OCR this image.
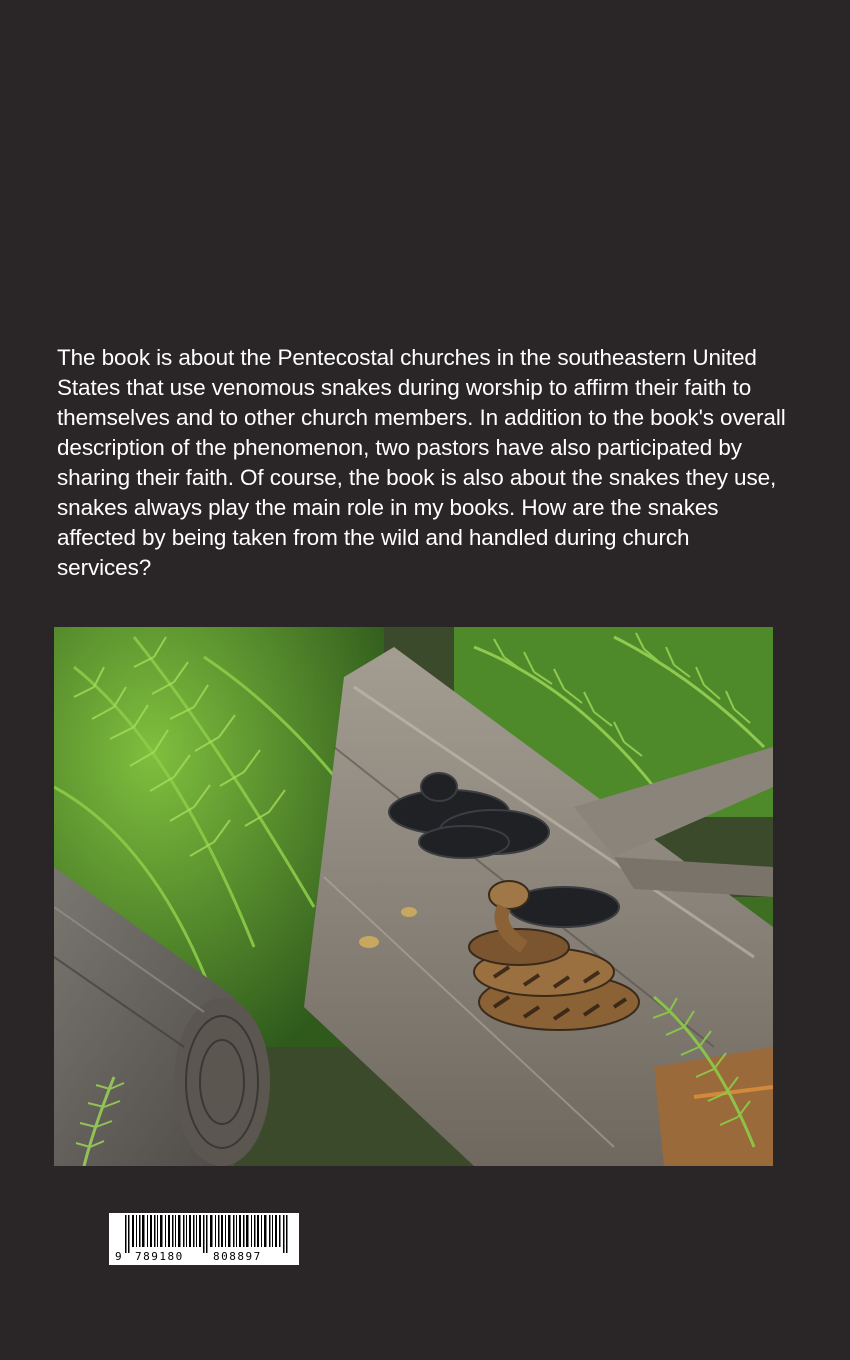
The book is about the Pentecostal churches in the southeastern United States that use venomous snakes during worship to affirm their faith to themselves and to other church members. In addition to the book's overall description of the phenomenon, two pastors have also participated by sharing their faith. Of course, the book is also about the snakes they use, snakes always play the main role in my books. How are the snakes affected by being taken from the wild and handled during church services?

9 789180	808897
